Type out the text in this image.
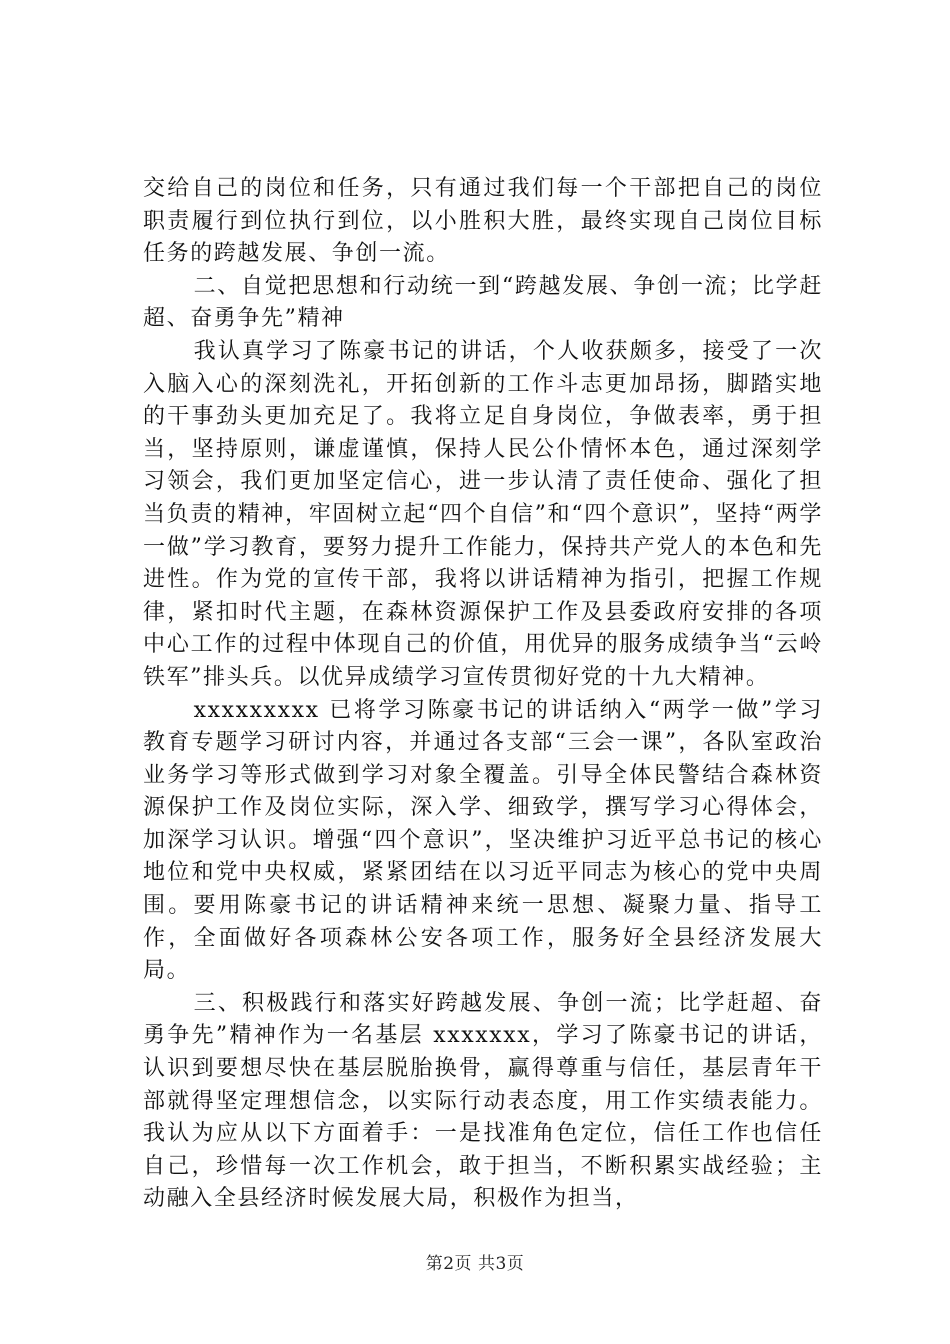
交给自己的岗位和任务，只有通过我们每一个干部把自己的岗位职责履行到位执行到位，以小胜积大胜，最终实现自己岗位目标任务的跨越发展、争创一流。

二、自觉把思想和行动统一到“跨越发展、争创一流；比学赶超、奋勇争先”精神

我认真学习了陈豪书记的讲话，个人收获颇多，接受了一次入脑入心的深刻洗礼，开拓创新的工作斗志更加昂扬，脚踏实地的干事劲头更加充足了。我将立足自身岗位，争做表率，勇于担当，坚持原则，谦虚谨慎，保持人民公仆情怀本色，通过深刻学习领会，我们更加坚定信心，进一步认清了责任使命、强化了担当负责的精神，牢固树立起“四个自信”和“四个意识”，坚持“两学一做”学习教育，要努力提升工作能力，保持共产党人的本色和先进性。作为党的宣传干部，我将以讲话精神为指引，把握工作规律，紧扣时代主题，在森林资源保护工作及县委政府安排的各项中心工作的过程中体现自己的价值，用优异的服务成绩争当“云岭铁军”排头兵。以优异成绩学习宣传贯彻好党的十九大精神。

xxxxxxxxx 已将学习陈豪书记的讲话纳入“两学一做”学习教育专题学习研讨内容，并通过各支部“三会一课”，各队室政治业务学习等形式做到学习对象全覆盖。引导全体民警结合森林资源保护工作及岗位实际，深入学、细致学，撰写学习心得体会，加深学习认识。增强“四个意识”，坚决维护习近平总书记的核心地位和党中央权威，紧紧团结在以习近平同志为核心的党中央周围。要用陈豪书记的讲话精神来统一思想、凝聚力量、指导工作，全面做好各项森林公安各项工作，服务好全县经济发展大局。

三、积极践行和落实好跨越发展、争创一流；比学赶超、奋勇争先”精神作为一名基层 xxxxxxx，学习了陈豪书记的讲话，认识到要想尽快在基层脱胎换骨，赢得尊重与信任，基层青年干部就得坚定理想信念，以实际行动表态度，用工作实绩表能力。我认为应从以下方面着手：一是找准角色定位，信任工作也信任自己，珍惜每一次工作机会，敢于担当，不断积累实战经验；主动融入全县经济时候发展大局，积极作为担当，

第2页 共3页
